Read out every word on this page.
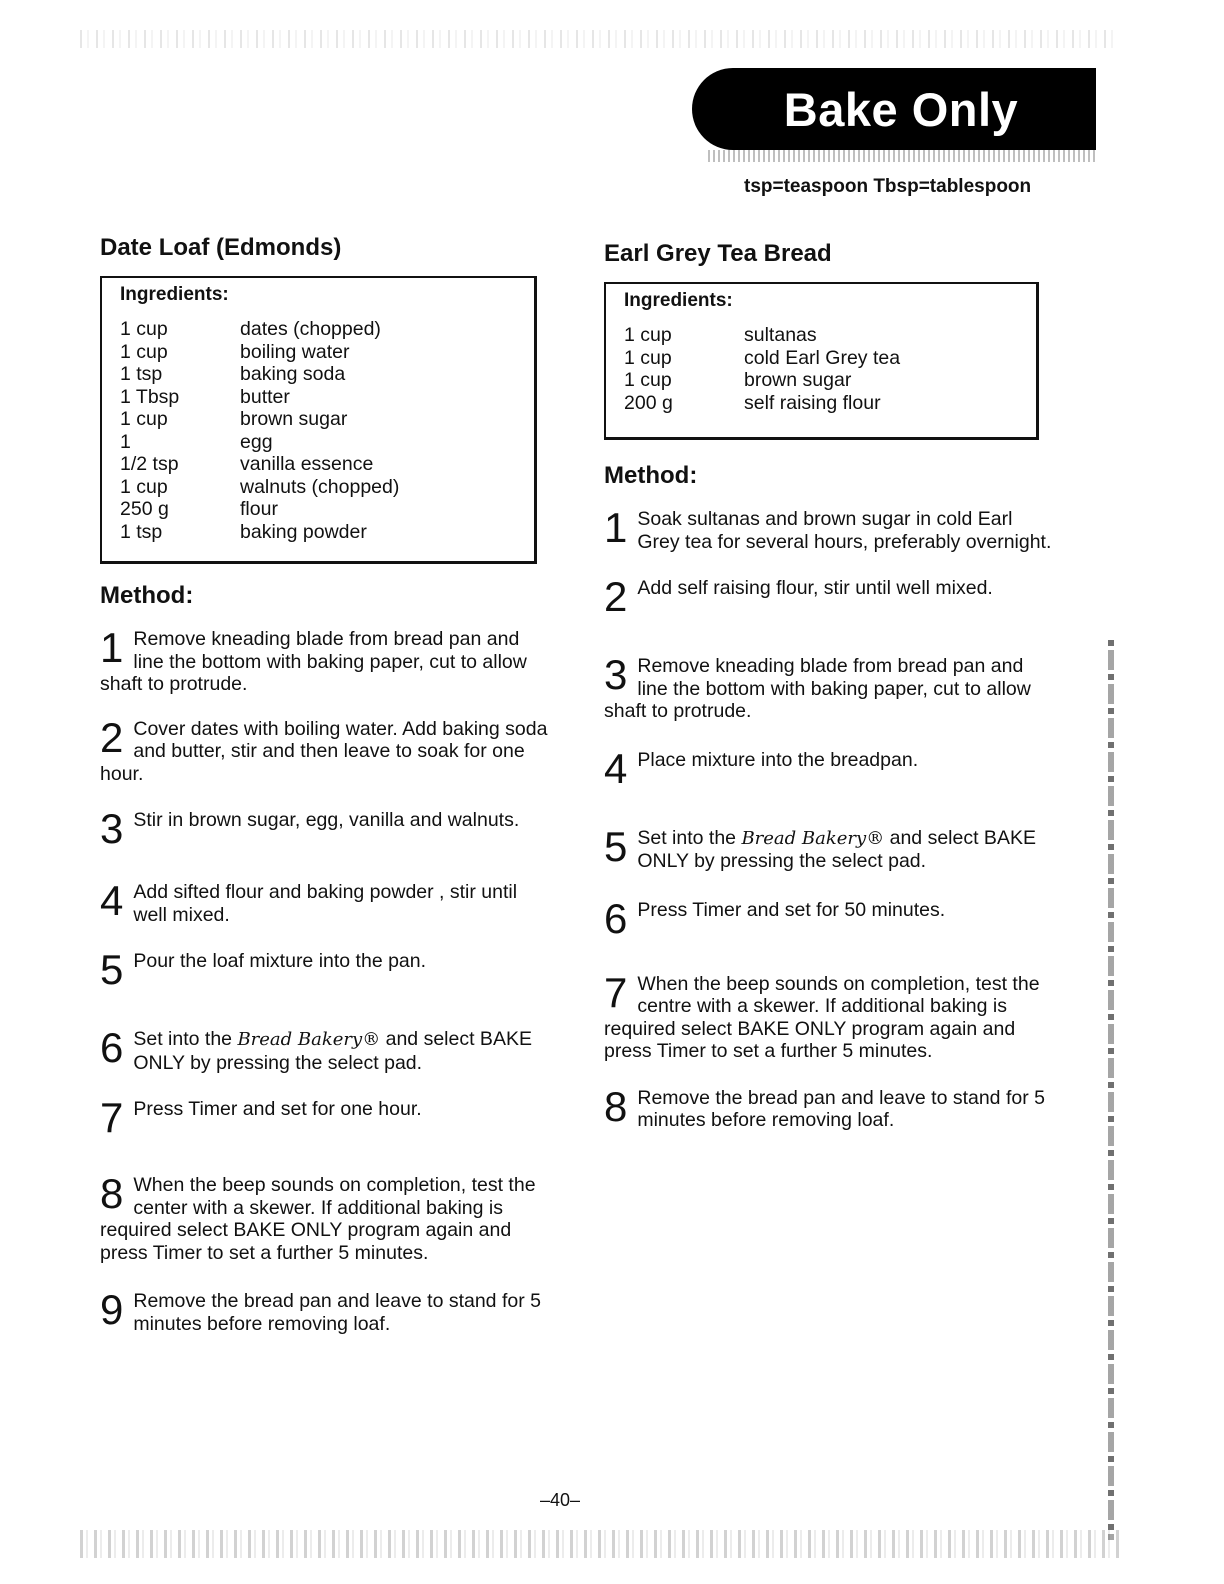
Bake Only
tsp=teaspoon Tbsp=tablespoon
Date Loaf (Edmonds)
Ingredients:
1 cup	dates (chopped)
1 cup	boiling water
1 tsp	baking soda
1 Tbsp	butter
1 cup	brown sugar
1	egg
1/2 tsp	vanilla essence
1 cup	walnuts (chopped)
250 g	flour
1 tsp	baking powder
Method:
1 Remove kneading blade from bread pan and line the bottom with baking paper, cut to allow shaft to protrude.
2 Cover dates with boiling water. Add baking soda and butter, stir and then leave to soak for one hour.
3 Stir in brown sugar, egg, vanilla and walnuts.
4 Add sifted flour and baking powder , stir until well mixed.
5 Pour the loaf mixture into the pan.
6 Set into the Bread Bakery® and select BAKE ONLY by pressing the select pad.
7 Press Timer and set for one hour.
8 When the beep sounds on completion, test the center with a skewer. If additional baking is required select BAKE ONLY program again and press Timer to set a further 5 minutes.
9 Remove the bread pan and leave to stand for 5 minutes before removing loaf.
Earl Grey Tea Bread
Ingredients:
1 cup	sultanas
1 cup	cold Earl Grey tea
1 cup	brown sugar
200 g	self raising flour
Method:
1 Soak sultanas and brown sugar in cold Earl Grey tea for several hours, preferably overnight.
2 Add self raising flour, stir until well mixed.
3 Remove kneading blade from bread pan and line the bottom with baking paper, cut to allow shaft to protrude.
4 Place mixture into the breadpan.
5 Set into the Bread Bakery® and select BAKE ONLY by pressing the select pad.
6 Press Timer and set for 50 minutes.
7 When the beep sounds on completion, test the centre with a skewer. If additional baking is required select BAKE ONLY program again and press Timer to set a further 5 minutes.
8 Remove the bread pan and leave to stand for 5 minutes before removing loaf.
–40–
